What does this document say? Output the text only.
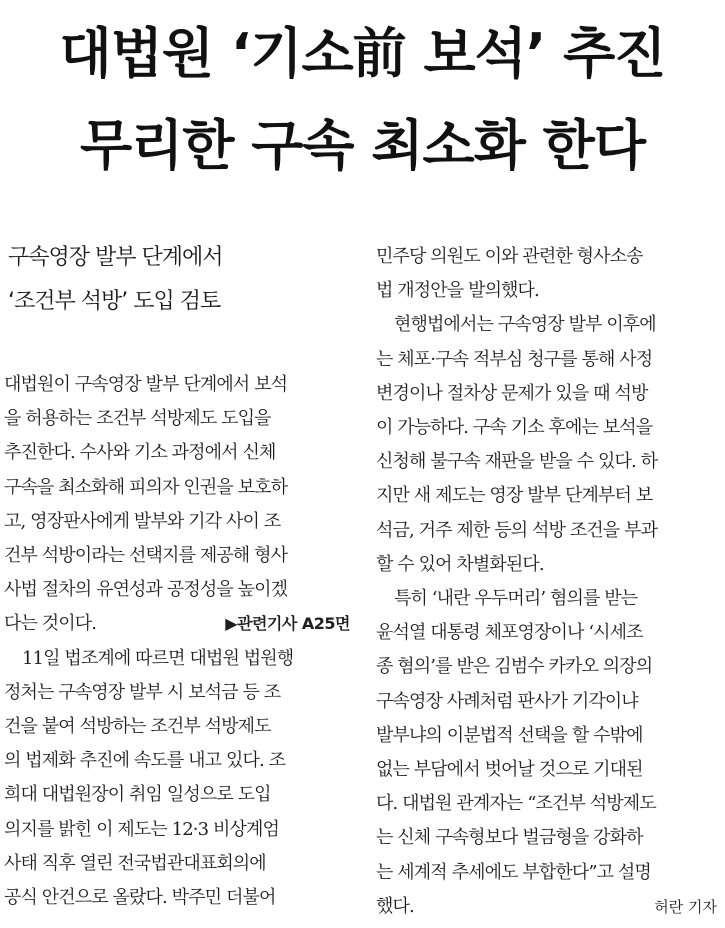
대법원 ‘기소前 보석’ 추진
무리한 구속 최소화 한다
구속영장 발부 단계에서
‘조건부 석방’ 도입 검토
대법원이 구속영장 발부 단계에서 보석
을 허용하는 조건부 석방제도 도입을
추진한다. 수사와 기소 과정에서 신체
구속을 최소화해 피의자 인권을 보호하
고, 영장판사에게 발부와 기각 사이 조
건부 석방이라는 선택지를 제공해 형사
사법 절차의 유연성과 공정성을 높이겠
다는 것이다.	▶관련기사 A25면
11일 법조계에 따르면 대법원 법원행
정처는 구속영장 발부 시 보석금 등 조
건을 붙여 석방하는 조건부 석방제도
의 법제화 추진에 속도를 내고 있다. 조
희대 대법원장이 취임 일성으로 도입
의지를 밝힌 이 제도는 12·3 비상계엄
사태 직후 열린 전국법관대표회의에
공식 안건으로 올랐다. 박주민 더불어
민주당 의원도 이와 관련한 형사소송
법 개정안을 발의했다.
현행법에서는 구속영장 발부 이후에
는 체포·구속 적부심 청구를 통해 사정
변경이나 절차상 문제가 있을 때 석방
이 가능하다. 구속 기소 후에는 보석을
신청해 불구속 재판을 받을 수 있다. 하
지만 새 제도는 영장 발부 단계부터 보
석금, 거주 제한 등의 석방 조건을 부과
할 수 있어 차별화된다.
특히 ‘내란 우두머리’ 혐의를 받는
윤석열 대통령 체포영장이나 ‘시세조
종 혐의’를 받은 김범수 카카오 의장의
구속영장 사례처럼 판사가 기각이냐
발부냐의 이분법적 선택을 할 수밖에
없는 부담에서 벗어날 것으로 기대된
다. 대법원 관계자는 “조건부 석방제도
는 신체 구속형보다 벌금형을 강화하
는 세계적 추세에도 부합한다”고 설명
했다.	허란 기자
